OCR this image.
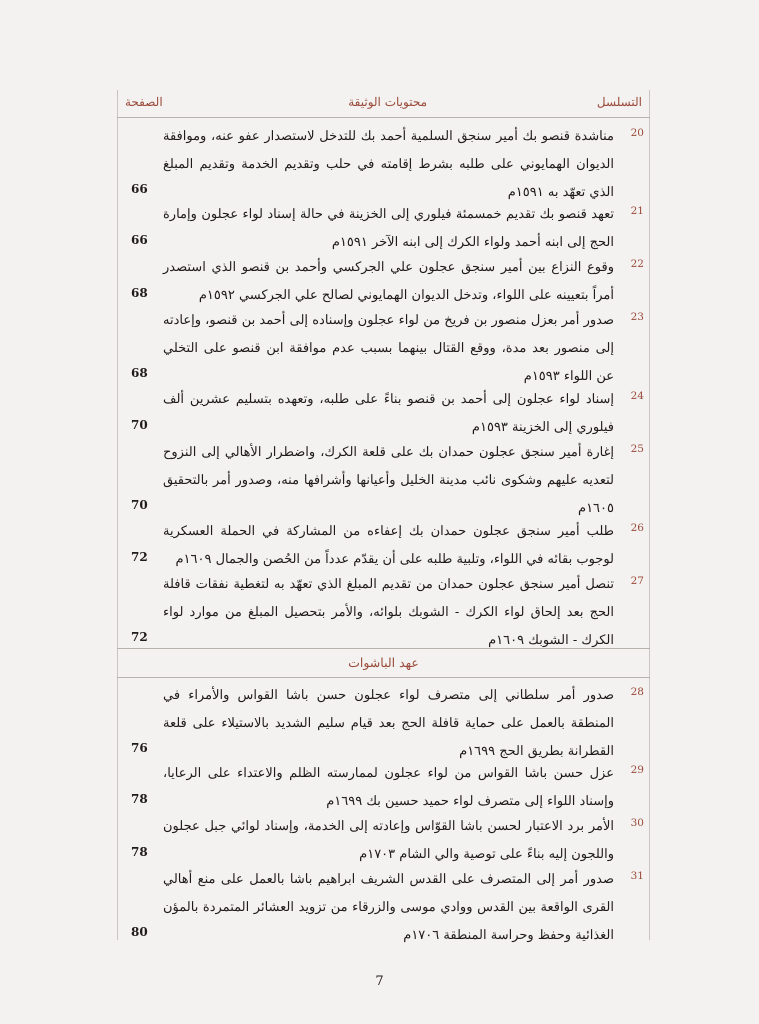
التسلسل
محتويات الوثيقة
الصفحة
20
مناشدة قنصو بك أمير سنجق السلمية أحمد بك للتدخل لاستصدار عفو عنه، وموافقة الديوان الهمايوني على طلبه بشرط إقامته في حلب وتقديم الخدمة وتقديم المبلغ الذي تعهّد به ١٥٩١م
66
21
تعهد قنصو بك تقديم خمسمئة فيلوري إلى الخزينة في حالة إسناد لواء عجلون وإمارة الحج إلى ابنه أحمد ولواء الكرك إلى ابنه الآخر ١٥٩١م
66
22
وقوع النزاع بين أمير سنجق عجلون علي الجركسي وأحمد بن قنصو الذي استصدر أمراً بتعيينه على اللواء، وتدخل الديوان الهمايوني لصالح علي الجركسي ١٥٩٢م
68
23
صدور أمر بعزل منصور بن فريخ من لواء عجلون وإسناده إلى أحمد بن قنصو، وإعادته إلى منصور بعد مدة، ووقع القتال بينهما بسبب عدم موافقة ابن قنصو على التخلي عن اللواء ١٥٩٣م
68
24
إسناد لواء عجلون إلى أحمد بن قنصو بناءً على طلبه، وتعهده بتسليم عشرين ألف فيلوري إلى الخزينة ١٥٩٣م
70
25
إغارة أمير سنجق عجلون حمدان بك على قلعة الكرك، واضطرار الأهالي إلى النزوح لتعديه عليهم وشكوى نائب مدينة الخليل وأعيانها وأشرافها منه، وصدور أمر بالتحقيق ١٦٠٥م
70
26
طلب أمير سنجق عجلون حمدان بك إعفاءه من المشاركة في الحملة العسكرية لوجوب بقائه في اللواء، وتلبية طلبه على أن يقدّم عدداً من الحُصن والجمال ١٦٠٩م
72
27
تنصل أمير سنجق عجلون حمدان من تقديم المبلغ الذي تعهّد به لتغطية نفقات قافلة الحج بعد إلحاق لواء الكرك - الشوبك بلوائه، والأمر بتحصيل المبلغ من موارد لواء الكرك - الشوبك ١٦٠٩م
72
عهد الباشوات
28
صدور أمر سلطاني إلى متصرف لواء عجلون حسن باشا القواس والأمراء في المنطقة بالعمل على حماية قافلة الحج بعد قيام سليم الشديد بالاستيلاء على قلعة القطرانة بطريق الحج ١٦٩٩م
76
29
عزل حسن باشا القواس من لواء عجلون لممارسته الظلم والاعتداء على الرعايا، وإسناد اللواء إلى متصرف لواء حميد حسين بك ١٦٩٩م
78
30
الأمر برد الاعتبار لحسن باشا القوّاس وإعادته إلى الخدمة، وإسناد لوائي جبل عجلون واللجون إليه بناءً على توصية والي الشام ١٧٠٣م
78
31
صدور أمر إلى المتصرف على القدس الشريف ابراهيم باشا بالعمل على منع أهالي القرى الواقعة بين القدس ووادي موسى والزرقاء من تزويد العشائر المتمردة بالمؤن الغذائية وحفظ وحراسة المنطقة ١٧٠٦م
80
7
